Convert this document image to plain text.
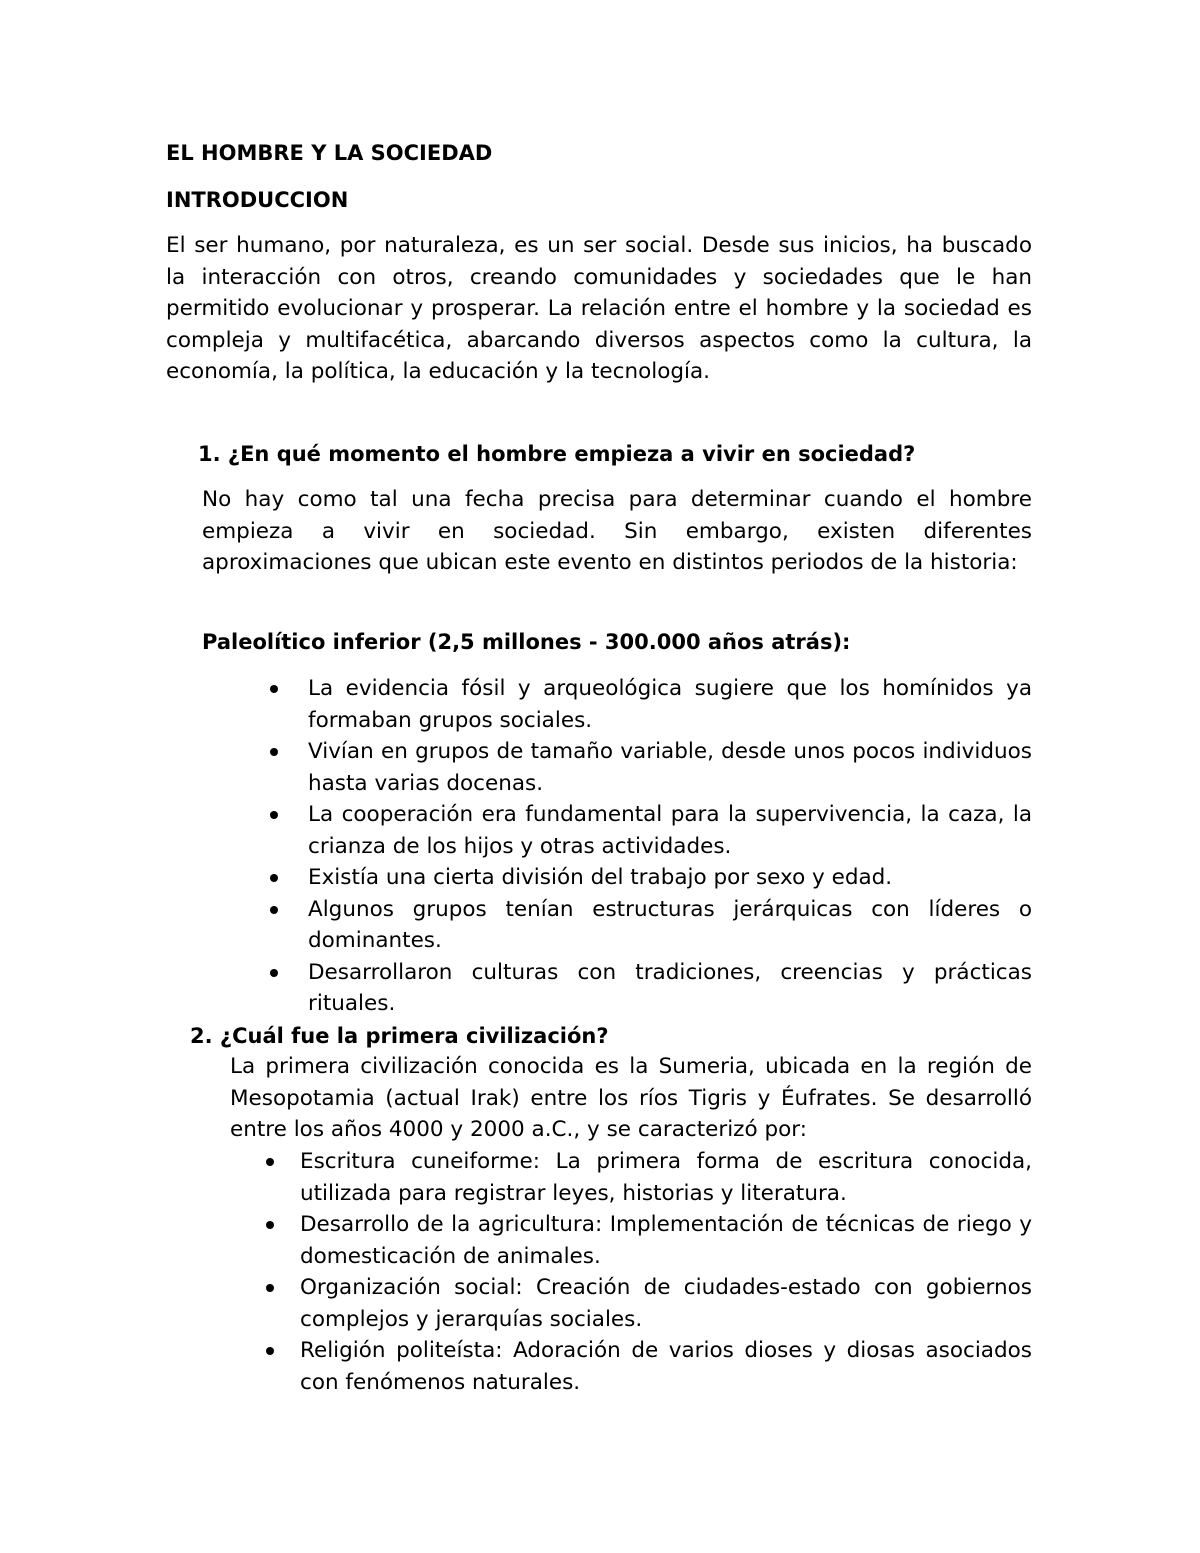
EL HOMBRE Y LA SOCIEDAD
INTRODUCCION

El ser humano, por naturaleza, es un ser social. Desde sus inicios, ha buscado la interacción con otros, creando comunidades y sociedades que le han permitido evolucionar y prosperar. La relación entre el hombre y la sociedad es compleja y multifacética, abarcando diversos aspectos como la cultura, la economía, la política, la educación y la tecnología.

1. ¿En qué momento el hombre empieza a vivir en sociedad?

No hay como tal una fecha precisa para determinar cuando el hombre empieza a vivir en sociedad. Sin embargo, existen diferentes aproximaciones que ubican este evento en distintos periodos de la historia:

Paleolítico inferior (2,5 millones - 300.000 años atrás):
La evidencia fósil y arqueológica sugiere que los homínidos ya formaban grupos sociales.
Vivían en grupos de tamaño variable, desde unos pocos individuos hasta varias docenas.
La cooperación era fundamental para la supervivencia, la caza, la crianza de los hijos y otras actividades.
Existía una cierta división del trabajo por sexo y edad.
Algunos grupos tenían estructuras jerárquicas con líderes o dominantes.
Desarrollaron culturas con tradiciones, creencias y prácticas rituales.
2. ¿Cuál fue la primera civilización?

La primera civilización conocida es la Sumeria, ubicada en la región de Mesopotamia (actual Irak) entre los ríos Tigris y Éufrates. Se desarrolló entre los años 4000 y 2000 a.C., y se caracterizó por:

Escritura cuneiforme: La primera forma de escritura conocida, utilizada para registrar leyes, historias y literatura.
Desarrollo de la agricultura: Implementación de técnicas de riego y domesticación de animales.
Organización social: Creación de ciudades-estado con gobiernos complejos y jerarquías sociales.
Religión politeísta: Adoración de varios dioses y diosas asociados con fenómenos naturales.
